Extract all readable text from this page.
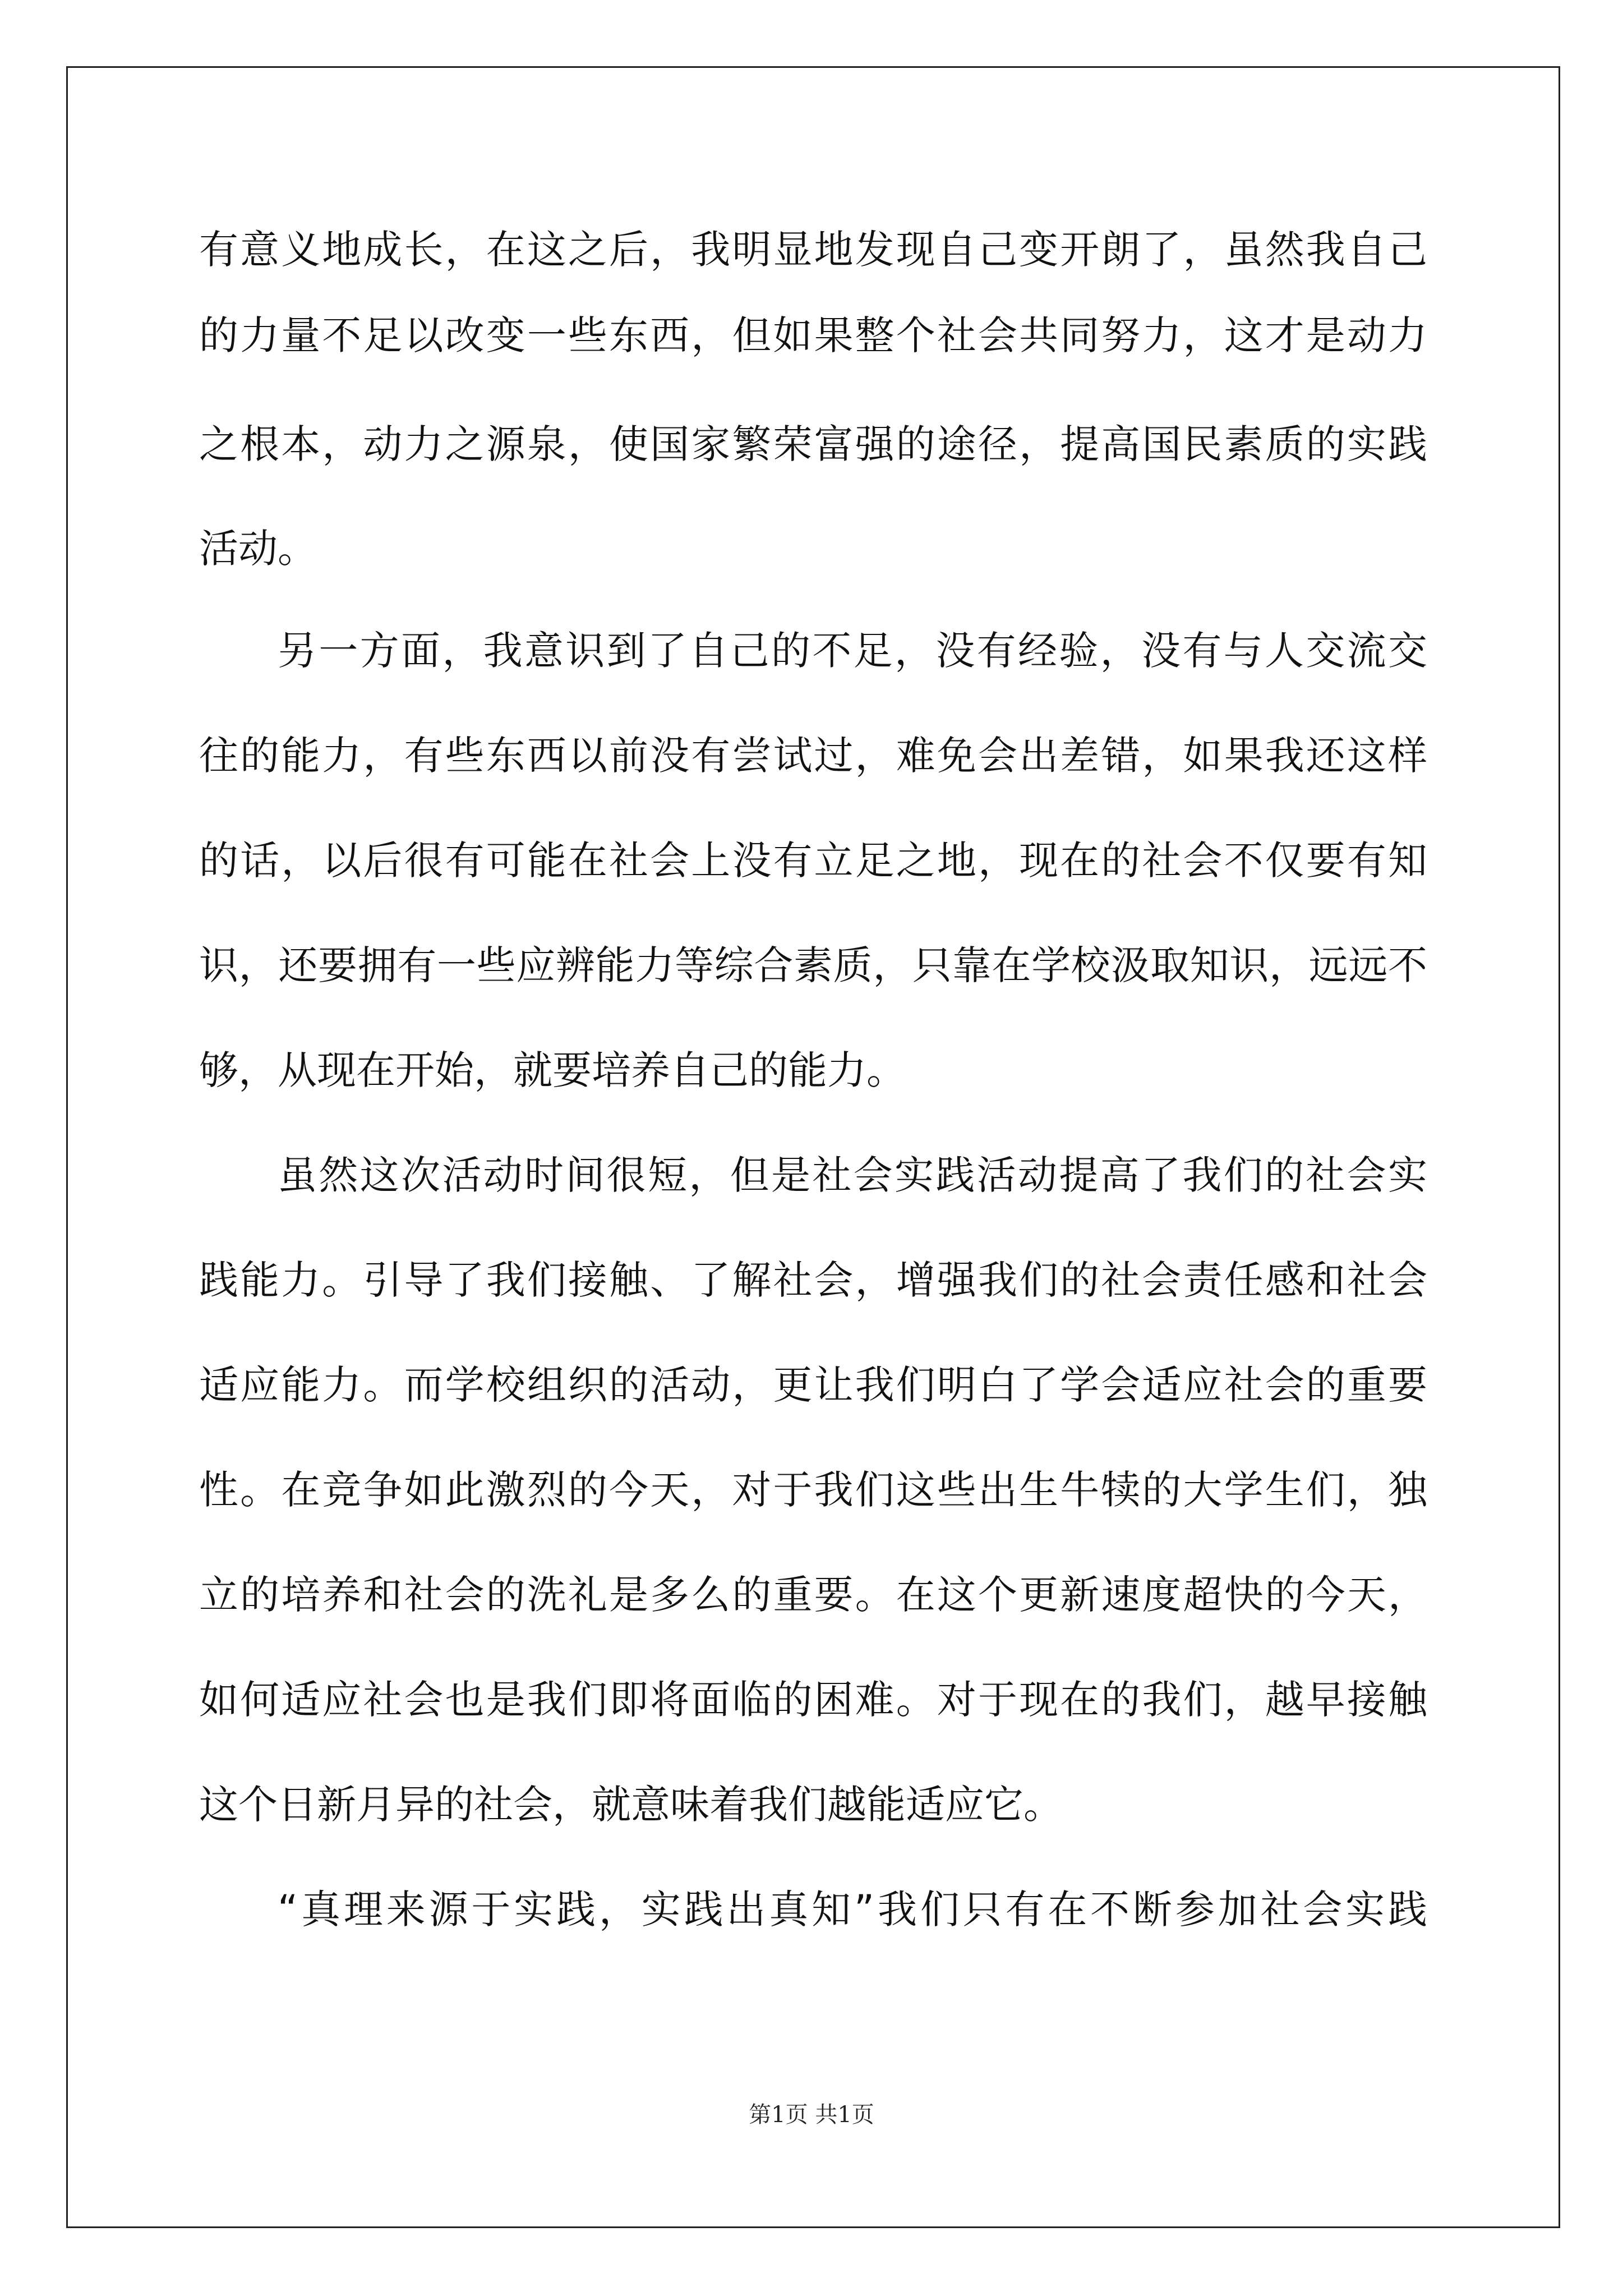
有意义地成长，在这之后，我明显地发现自己变开朗了，虽然我自己
的力量不足以改变一些东西，但如果整个社会共同努力，这才是动力
之根本，动力之源泉，使国家繁荣富强的途径，提高国民素质的实践
活动。
另一方面，我意识到了自己的不足，没有经验，没有与人交流交
往的能力，有些东西以前没有尝试过，难免会出差错，如果我还这样
的话，以后很有可能在社会上没有立足之地，现在的社会不仅要有知
识，还要拥有一些应辨能力等综合素质，只靠在学校汲取知识，远远不
够，从现在开始，就要培养自己的能力。
虽然这次活动时间很短，但是社会实践活动提高了我们的社会实
践能力。引导了我们接触、了解社会，增强我们的社会责任感和社会
适应能力。而学校组织的活动，更让我们明白了学会适应社会的重要
性。在竞争如此激烈的今天，对于我们这些出生牛犊的大学生们，独
立的培养和社会的洗礼是多么的重要。在这个更新速度超快的今天，
如何适应社会也是我们即将面临的困难。对于现在的我们，越早接触
这个日新月异的社会，就意味着我们越能适应它。
“真理来源于实践，实践出真知”我们只有在不断参加社会实践
第1页 共1页
